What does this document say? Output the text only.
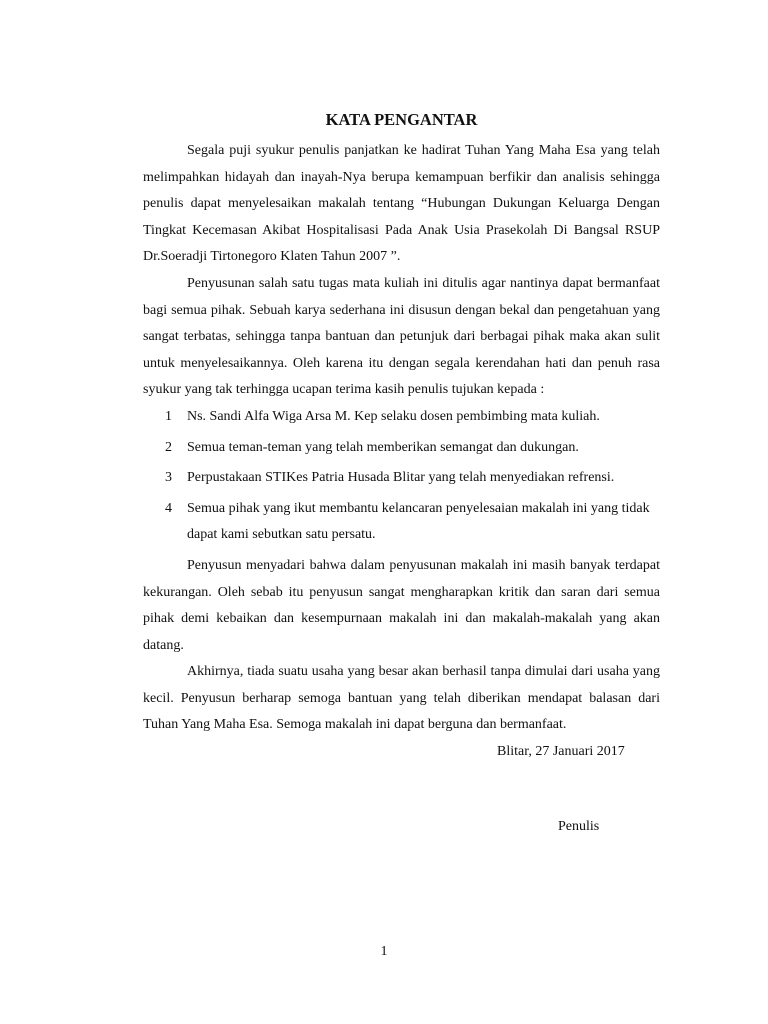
KATA PENGANTAR

Segala puji syukur penulis panjatkan ke hadirat Tuhan Yang Maha Esa yang telah melimpahkan hidayah dan inayah-Nya berupa kemampuan berfikir dan analisis sehingga penulis dapat menyelesaikan makalah tentang “Hubungan Dukungan Keluarga Dengan Tingkat Kecemasan Akibat Hospitalisasi Pada Anak Usia Prasekolah Di Bangsal RSUP Dr.Soeradji Tirtonegoro Klaten Tahun 2007 ”.

Penyusunan salah satu tugas mata kuliah ini ditulis agar nantinya dapat bermanfaat bagi semua pihak. Sebuah karya sederhana ini disusun dengan bekal dan pengetahuan yang sangat terbatas, sehingga tanpa bantuan dan petunjuk dari berbagai pihak maka akan sulit untuk menyelesaikannya. Oleh karena itu dengan segala kerendahan hati dan penuh rasa syukur yang tak terhingga ucapan terima kasih penulis tujukan kepada :

1	Ns. Sandi Alfa Wiga Arsa M. Kep selaku dosen pembimbing mata kuliah.
2	Semua teman-teman yang telah memberikan semangat dan dukungan.
3	Perpustakaan STIKes Patria Husada Blitar yang telah menyediakan refrensi.
4	Semua pihak yang ikut membantu kelancaran penyelesaian makalah ini yang tidak dapat kami sebutkan satu persatu.

Penyusun menyadari bahwa dalam penyusunan makalah ini masih banyak terdapat kekurangan. Oleh sebab itu penyusun sangat mengharapkan kritik dan saran dari semua pihak demi kebaikan dan kesempurnaan makalah ini dan makalah-makalah yang akan datang.

Akhirnya, tiada suatu usaha yang besar akan berhasil tanpa dimulai dari usaha yang kecil. Penyusun berharap semoga bantuan yang telah diberikan mendapat balasan dari Tuhan Yang Maha Esa. Semoga makalah ini dapat berguna dan bermanfaat.

Blitar, 27 Januari 2017

Penulis

1
